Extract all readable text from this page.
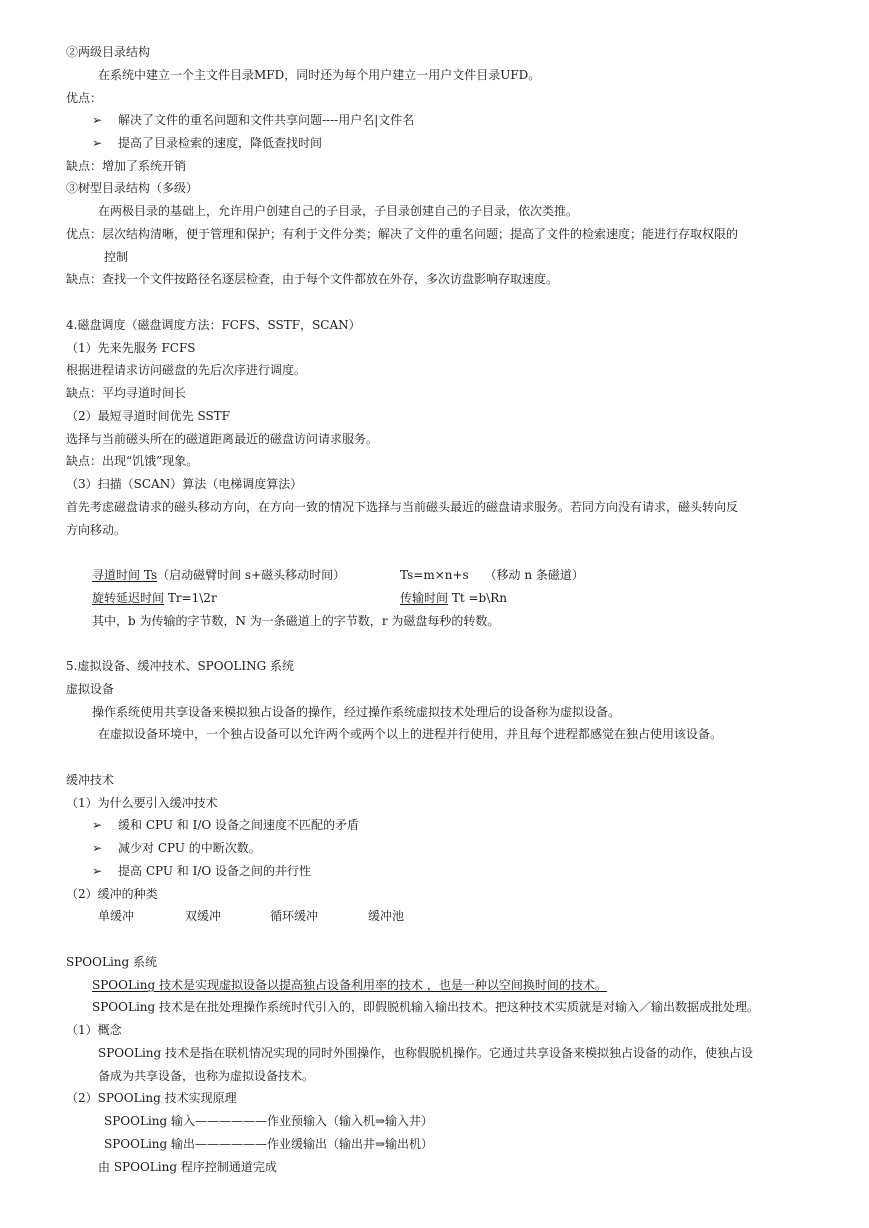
②两级目录结构
在系统中建立一个主文件目录MFD，同时还为每个用户建立一用户文件目录UFD。
优点：
➢ 解决了文件的重名问题和文件共享问题----用户名|文件名
➢ 提高了目录检索的速度，降低查找时间
缺点：增加了系统开销
③树型目录结构（多级）
在两极目录的基础上，允许用户创建自己的子目录，子目录创建自己的子目录，依次类推。
优点：层次结构清晰，便于管理和保护；有利于文件分类；解决了文件的重名问题；提高了文件的检索速度；能进行存取权限的
控制
缺点：查找一个文件按路径名逐层检查，由于每个文件都放在外存，多次访盘影响存取速度。
4.磁盘调度（磁盘调度方法：FCFS、SSTF，SCAN）
（1）先来先服务 FCFS
根据进程请求访问磁盘的先后次序进行调度。
缺点：平均寻道时间长
（2）最短寻道时间优先 SSTF
选择与当前磁头所在的磁道距离最近的磁盘访问请求服务。
缺点：出现“饥饿”现象。
（3）扫描（SCAN）算法（电梯调度算法）
首先考虑磁盘请求的磁头移动方向，在方向一致的情况下选择与当前磁头最近的磁盘请求服务。若同方向没有请求，磁头转向反
方向移动。
寻道时间 Ts（启动磁臂时间 s+磁头移动时间）	Ts=m×n+s　 （移动 n 条磁道）
旋转延迟时间 Tr=1\2r	传输时间 Tt =b\Rn
其中，b 为传输的字节数，N 为一条磁道上的字节数，r 为磁盘每秒的转数。
5.虚拟设备、缓冲技术、SPOOLING 系统
虚拟设备
操作系统使用共享设备来模拟独占设备的操作，经过操作系统虚拟技术处理后的设备称为虚拟设备。
在虚拟设备环境中，一个独占设备可以允许两个或两个以上的进程并行使用，并且每个进程都感觉在独占使用该设备。
缓冲技术
（1）为什么要引入缓冲技术
➢ 缓和 CPU 和 I/O 设备之间速度不匹配的矛盾
➢ 减少对 CPU 的中断次数。
➢ 提高 CPU 和 I/O 设备之间的并行性
（2）缓冲的种类
单缓冲	双缓冲	循环缓冲	缓冲池
SPOOLing 系统
SPOOLing 技术是实现虚拟设备以提高独占设备利用率的技术 ，也是一种以空间换时间的技术。
SPOOLing 技术是在批处理操作系统时代引入的，即假脱机输入输出技术。把这种技术实质就是对输入／输出数据成批处理。
（1）概念
SPOOLing 技术是指在联机情况实现的同时外围操作，也称假脱机操作。它通过共享设备来模拟独占设备的动作，使独占设
备成为共享设备，也称为虚拟设备技术。
（2）SPOOLing 技术实现原理
SPOOLing 输入——————作业预输入（输入机⇒输入井）
SPOOLing 输出——————作业缓输出（输出井⇒输出机）
由 SPOOLing 程序控制通道完成
